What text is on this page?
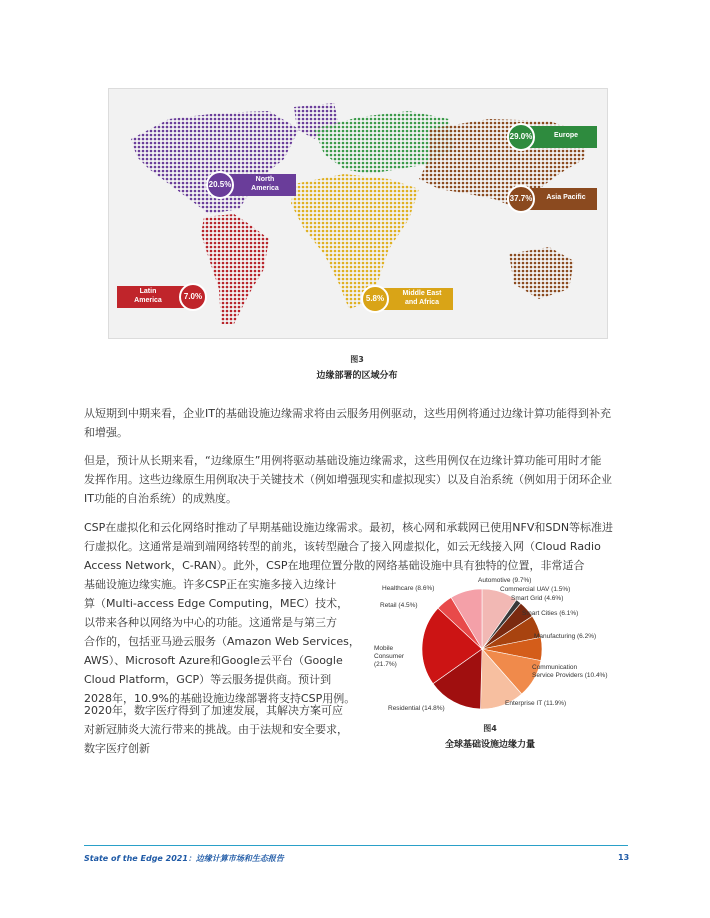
20.5%
North
America
29.0%	Europe
37.7%	Asia Pacific
7.0%
Latin
America	5.8%
Middle East
and Africa
图3
边缘部署的区域分布
从短期到中期来看，企业IT的基础设施边缘需求将由云服务用例驱动，这些用例将通过边缘计算功能得到补充
和增强。
但是，预计从长期来看，“边缘原生”用例将驱动基础设施边缘需求，这些用例仅在边缘计算功能可用时才能
发挥作用。这些边缘原生用例取决于关键技术（例如增强现实和虚拟现实）以及自治系统（例如用于闭环企业
IT功能的自治系统）的成熟度。
CSP在虚拟化和云化网络时推动了早期基础设施边缘需求。最初，核心网和承载网已使用NFV和SDN等标准进
行虚拟化。这通常是端到端网络转型的前兆，该转型融合了接入网虚拟化，如云无线接入网（Cloud Radio
Access Network，C-RAN）。此外，CSP在地理位置分散的网络基础设施中具有独特的位置，非常适合
基础设施边缘实施。许多CSP正在实施多接入边缘计
算（Multi-access Edge Computing，MEC）技术，
以带来各种以网络为中心的功能。这通常是与第三方
合作的，包括亚马逊云服务（Amazon Web Services，
AWS）、Microsoft Azure和Google云平台（Google
Cloud Platform，GCP）等云服务提供商。预计到
2028年，10.9%的基础设施边缘部署将支持CSP用例。
2020年，数字医疗得到了加速发展，其解决方案可应
对新冠肺炎大流行带来的挑战。由于法规和安全要求，
数字医疗创新
Automotive (9.7%)
Commercial UAV (1.5%)
Smart Grid (4.6%)
Smart Cities (6.1%)
Manufacturing (6.2%)
Communication Service Providers (10.4%)
Enterprise IT (11.9%)
Residential (14.8%)
Mobile Consumer (21.7%)
Retail (4.5%)
Healthcare (8.6%)
图4
全球基础设施边缘力量
State of the Edge 2021：边缘计算市场和生态报告	13
